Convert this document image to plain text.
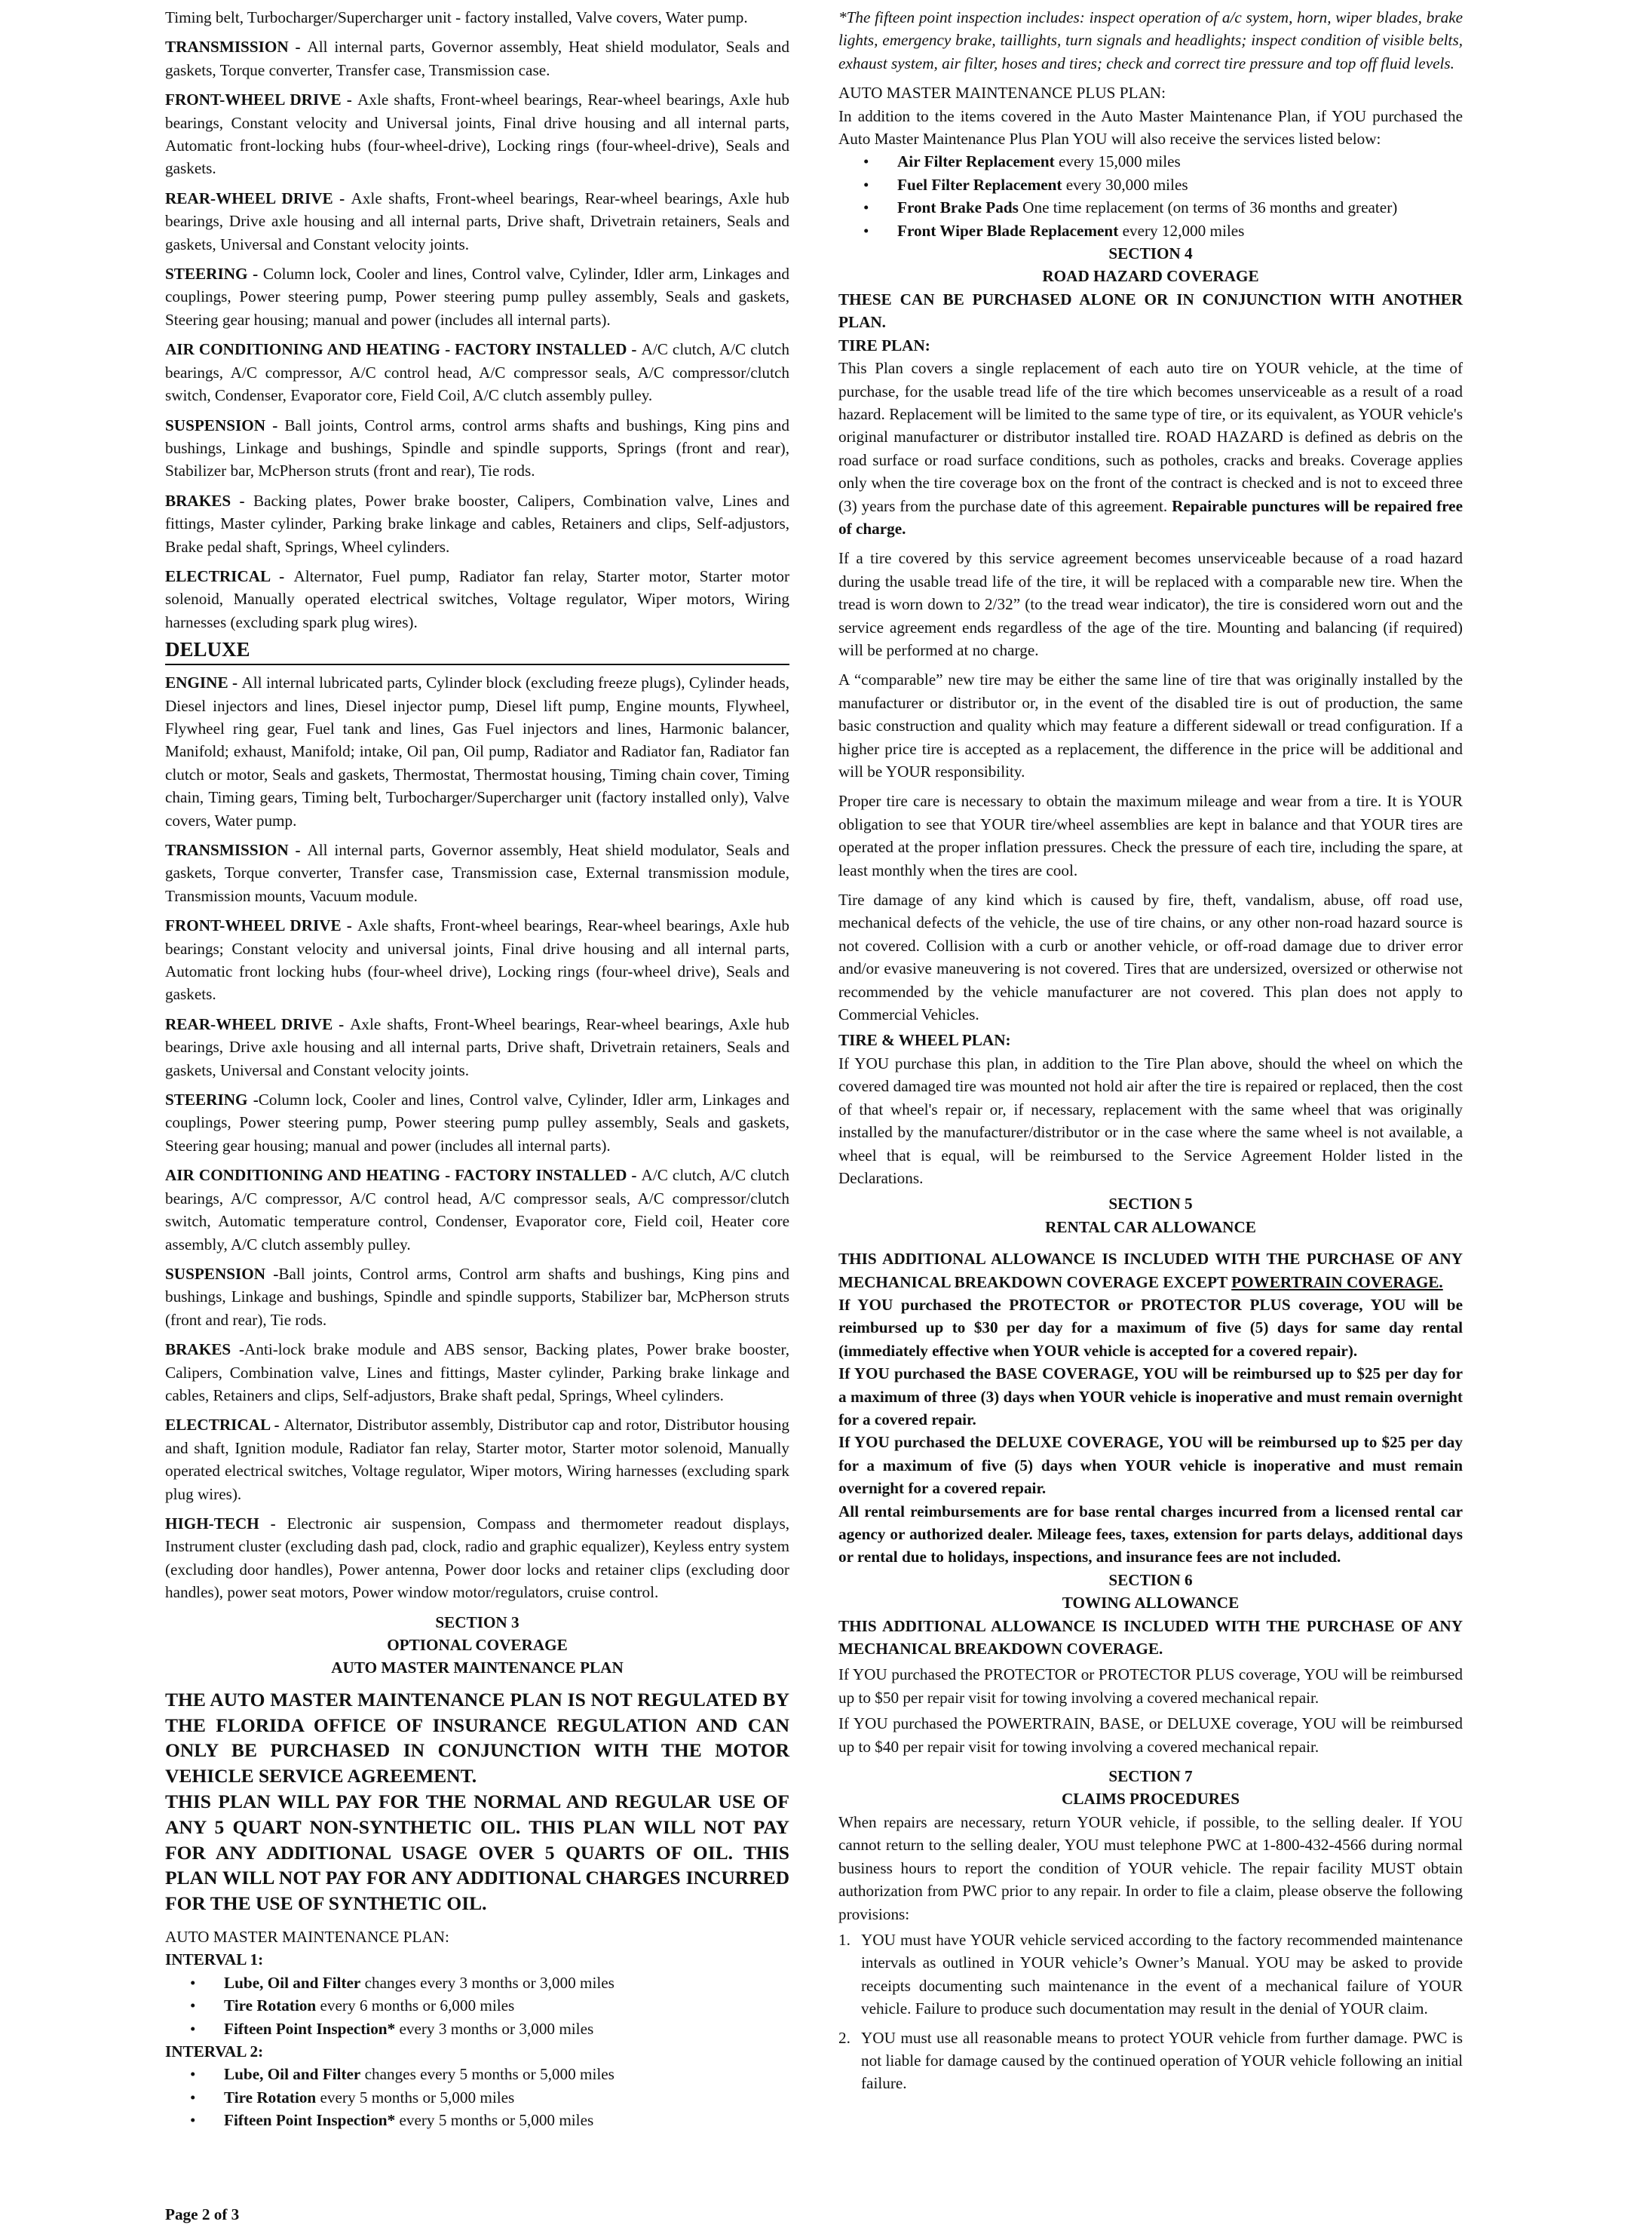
Timing belt, Turbocharger/Supercharger unit - factory installed, Valve covers, Water pump.

TRANSMISSION - All internal parts, Governor assembly, Heat shield modulator, Seals and gaskets, Torque converter, Transfer case, Transmission case.

FRONT-WHEEL DRIVE - Axle shafts, Front-wheel bearings, Rear-wheel bearings, Axle hub bearings, Constant velocity and Universal joints, Final drive housing and all internal parts, Automatic front-locking hubs (four-wheel-drive), Locking rings (four-wheel-drive), Seals and gaskets.

REAR-WHEEL DRIVE - Axle shafts, Front-wheel bearings, Rear-wheel bearings, Axle hub bearings, Drive axle housing and all internal parts, Drive shaft, Drivetrain retainers, Seals and gaskets, Universal and Constant velocity joints.

STEERING - Column lock, Cooler and lines, Control valve, Cylinder, Idler arm, Linkages and couplings, Power steering pump, Power steering pump pulley assembly, Seals and gaskets, Steering gear housing; manual and power (includes all internal parts).

AIR CONDITIONING AND HEATING - FACTORY INSTALLED - A/C clutch, A/C clutch bearings, A/C compressor, A/C control head, A/C compressor seals, A/C compressor/clutch switch, Condenser, Evaporator core, Field Coil, A/C clutch assembly pulley.

SUSPENSION - Ball joints, Control arms, control arms shafts and bushings, King pins and bushings, Linkage and bushings, Spindle and spindle supports, Springs (front and rear), Stabilizer bar, McPherson struts (front and rear), Tie rods.

BRAKES - Backing plates, Power brake booster, Calipers, Combination valve, Lines and fittings, Master cylinder, Parking brake linkage and cables, Retainers and clips, Self-adjustors, Brake pedal shaft, Springs, Wheel cylinders.

ELECTRICAL - Alternator, Fuel pump, Radiator fan relay, Starter motor, Starter motor solenoid, Manually operated electrical switches, Voltage regulator, Wiper motors, Wiring harnesses (excluding spark plug wires).

DELUXE

ENGINE - All internal lubricated parts, Cylinder block (excluding freeze plugs), Cylinder heads, Diesel injectors and lines, Diesel injector pump, Diesel lift pump, Engine mounts, Flywheel, Flywheel ring gear, Fuel tank and lines, Gas Fuel injectors and lines, Harmonic balancer, Manifold; exhaust, Manifold; intake, Oil pan, Oil pump, Radiator and Radiator fan, Radiator fan clutch or motor, Seals and gaskets, Thermostat, Thermostat housing, Timing chain cover, Timing chain, Timing gears, Timing belt, Turbocharger/Supercharger unit (factory installed only), Valve covers, Water pump.

TRANSMISSION - All internal parts, Governor assembly, Heat shield modulator, Seals and gaskets, Torque converter, Transfer case, Transmission case, External transmission module, Transmission mounts, Vacuum module.

FRONT-WHEEL DRIVE - Axle shafts, Front-wheel bearings, Rear-wheel bearings, Axle hub bearings; Constant velocity and universal joints, Final drive housing and all internal parts, Automatic front locking hubs (four-wheel drive), Locking rings (four-wheel drive), Seals and gaskets.

REAR-WHEEL DRIVE - Axle shafts, Front-Wheel bearings, Rear-wheel bearings, Axle hub bearings, Drive axle housing and all internal parts, Drive shaft, Drivetrain retainers, Seals and gaskets, Universal and Constant velocity joints.

STEERING -Column lock, Cooler and lines, Control valve, Cylinder, Idler arm, Linkages and couplings, Power steering pump, Power steering pump pulley assembly, Seals and gaskets, Steering gear housing; manual and power (includes all internal parts).

AIR CONDITIONING AND HEATING - FACTORY INSTALLED - A/C clutch, A/C clutch bearings, A/C compressor, A/C control head, A/C compressor seals, A/C compressor/clutch switch, Automatic temperature control, Condenser, Evaporator core, Field coil, Heater core assembly, A/C clutch assembly pulley.

SUSPENSION -Ball joints, Control arms, Control arm shafts and bushings, King pins and bushings, Linkage and bushings, Spindle and spindle supports, Stabilizer bar, McPherson struts (front and rear), Tie rods.

BRAKES -Anti-lock brake module and ABS sensor, Backing plates, Power brake booster, Calipers, Combination valve, Lines and fittings, Master cylinder, Parking brake linkage and cables, Retainers and clips, Self-adjustors, Brake shaft pedal, Springs, Wheel cylinders.

ELECTRICAL - Alternator, Distributor assembly, Distributor cap and rotor, Distributor housing and shaft, Ignition module, Radiator fan relay, Starter motor, Starter motor solenoid, Manually operated electrical switches, Voltage regulator, Wiper motors, Wiring harnesses (excluding spark plug wires).

HIGH-TECH - Electronic air suspension, Compass and thermometer readout displays, Instrument cluster (excluding dash pad, clock, radio and graphic equalizer), Keyless entry system (excluding door handles), Power antenna, Power door locks and retainer clips (excluding door handles), power seat motors, Power window motor/regulators, cruise control.

SECTION 3

OPTIONAL COVERAGE

AUTO MASTER MAINTENANCE PLAN

THE AUTO MASTER MAINTENANCE PLAN IS NOT REGULATED BY THE FLORIDA OFFICE OF INSURANCE REGULATION AND CAN ONLY BE PURCHASED IN CONJUNCTION WITH THE MOTOR VEHICLE SERVICE AGREEMENT.

THIS PLAN WILL PAY FOR THE NORMAL AND REGULAR USE OF ANY 5 QUART NON-SYNTHETIC OIL. THIS PLAN WILL NOT PAY FOR ANY ADDITIONAL USAGE OVER 5 QUARTS OF OIL. THIS PLAN WILL NOT PAY FOR ANY ADDITIONAL CHARGES INCURRED FOR THE USE OF SYNTHETIC OIL.

AUTO MASTER MAINTENANCE PLAN:

INTERVAL 1:

• Lube, Oil and Filter changes every 3 months or 3,000 miles
• Tire Rotation every 6 months or 6,000 miles
• Fifteen Point Inspection* every 3 months or 3,000 miles

INTERVAL 2:

• Lube, Oil and Filter changes every 5 months or 5,000 miles
• Tire Rotation every 5 months or 5,000 miles
• Fifteen Point Inspection* every 5 months or 5,000 miles

*The fifteen point inspection includes: inspect operation of a/c system, horn, wiper blades, brake lights, emergency brake, taillights, turn signals and headlights; inspect condition of visible belts, exhaust system, air filter, hoses and tires; check and correct tire pressure and top off fluid levels.

AUTO MASTER MAINTENANCE PLUS PLAN:

In addition to the items covered in the Auto Master Maintenance Plan, if YOU purchased the Auto Master Maintenance Plus Plan YOU will also receive the services listed below:

• Air Filter Replacement every 15,000 miles
• Fuel Filter Replacement every 30,000 miles
• Front Brake Pads One time replacement (on terms of 36 months and greater)
• Front Wiper Blade Replacement every 12,000 miles

SECTION 4

ROAD HAZARD COVERAGE

THESE CAN BE PURCHASED ALONE OR IN CONJUNCTION WITH ANOTHER PLAN.

TIRE PLAN:

This Plan covers a single replacement of each auto tire on YOUR vehicle, at the time of purchase, for the usable tread life of the tire which becomes unserviceable as a result of a road hazard. Replacement will be limited to the same type of tire, or its equivalent, as YOUR vehicle's original manufacturer or distributor installed tire. ROAD HAZARD is defined as debris on the road surface or road surface conditions, such as potholes, cracks and breaks. Coverage applies only when the tire coverage box on the front of the contract is checked and is not to exceed three (3) years from the purchase date of this agreement. Repairable punctures will be repaired free of charge.

If a tire covered by this service agreement becomes unserviceable because of a road hazard during the usable tread life of the tire, it will be replaced with a comparable new tire. When the tread is worn down to 2/32” (to the tread wear indicator), the tire is considered worn out and the service agreement ends regardless of the age of the tire. Mounting and balancing (if required) will be performed at no charge.

A “comparable” new tire may be either the same line of tire that was originally installed by the manufacturer or distributor or, in the event of the disabled tire is out of production, the same basic construction and quality which may feature a different sidewall or tread configuration. If a higher price tire is accepted as a replacement, the difference in the price will be additional and will be YOUR responsibility.

Proper tire care is necessary to obtain the maximum mileage and wear from a tire. It is YOUR obligation to see that YOUR tire/wheel assemblies are kept in balance and that YOUR tires are operated at the proper inflation pressures. Check the pressure of each tire, including the spare, at least monthly when the tires are cool.

Tire damage of any kind which is caused by fire, theft, vandalism, abuse, off road use, mechanical defects of the vehicle, the use of tire chains, or any other non-road hazard source is not covered. Collision with a curb or another vehicle, or off-road damage due to driver error and/or evasive maneuvering is not covered. Tires that are undersized, oversized or otherwise not recommended by the vehicle manufacturer are not covered. This plan does not apply to Commercial Vehicles.

TIRE & WHEEL PLAN:

If YOU purchase this plan, in addition to the Tire Plan above, should the wheel on which the covered damaged tire was mounted not hold air after the tire is repaired or replaced, then the cost of that wheel's repair or, if necessary, replacement with the same wheel that was originally installed by the manufacturer/distributor or in the case where the same wheel is not available, a wheel that is equal, will be reimbursed to the Service Agreement Holder listed in the Declarations.

SECTION 5

RENTAL CAR ALLOWANCE

THIS ADDITIONAL ALLOWANCE IS INCLUDED WITH THE PURCHASE OF ANY MECHANICAL BREAKDOWN COVERAGE EXCEPT POWERTRAIN COVERAGE.

If YOU purchased the PROTECTOR or PROTECTOR PLUS coverage, YOU will be reimbursed up to $30 per day for a maximum of five (5) days for same day rental (immediately effective when YOUR vehicle is accepted for a covered repair).

If YOU purchased the BASE COVERAGE, YOU will be reimbursed up to $25 per day for a maximum of three (3) days when YOUR vehicle is inoperative and must remain overnight for a covered repair.

If YOU purchased the DELUXE COVERAGE, YOU will be reimbursed up to $25 per day for a maximum of five (5) days when YOUR vehicle is inoperative and must remain overnight for a covered repair.

All rental reimbursements are for base rental charges incurred from a licensed rental car agency or authorized dealer. Mileage fees, taxes, extension for parts delays, additional days or rental due to holidays, inspections, and insurance fees are not included.

SECTION 6

TOWING ALLOWANCE

THIS ADDITIONAL ALLOWANCE IS INCLUDED WITH THE PURCHASE OF ANY MECHANICAL BREAKDOWN COVERAGE.

If YOU purchased the PROTECTOR or PROTECTOR PLUS coverage, YOU will be reimbursed up to $50 per repair visit for towing involving a covered mechanical repair.

If YOU purchased the POWERTRAIN, BASE, or DELUXE coverage, YOU will be reimbursed up to $40 per repair visit for towing involving a covered mechanical repair.

SECTION 7

CLAIMS PROCEDURES

When repairs are necessary, return YOUR vehicle, if possible, to the selling dealer. If YOU cannot return to the selling dealer, YOU must telephone PWC at 1-800-432-4566 during normal business hours to report the condition of YOUR vehicle. The repair facility MUST obtain authorization from PWC prior to any repair. In order to file a claim, please observe the following provisions:

1. YOU must have YOUR vehicle serviced according to the factory recommended maintenance intervals as outlined in YOUR vehicle’s Owner’s Manual. YOU may be asked to provide receipts documenting such maintenance in the event of a mechanical failure of YOUR vehicle. Failure to produce such documentation may result in the denial of YOUR claim.
2. YOU must use all reasonable means to protect YOUR vehicle from further damage. PWC is not liable for damage caused by the continued operation of YOUR vehicle following an initial failure.
Page 2 of 3
